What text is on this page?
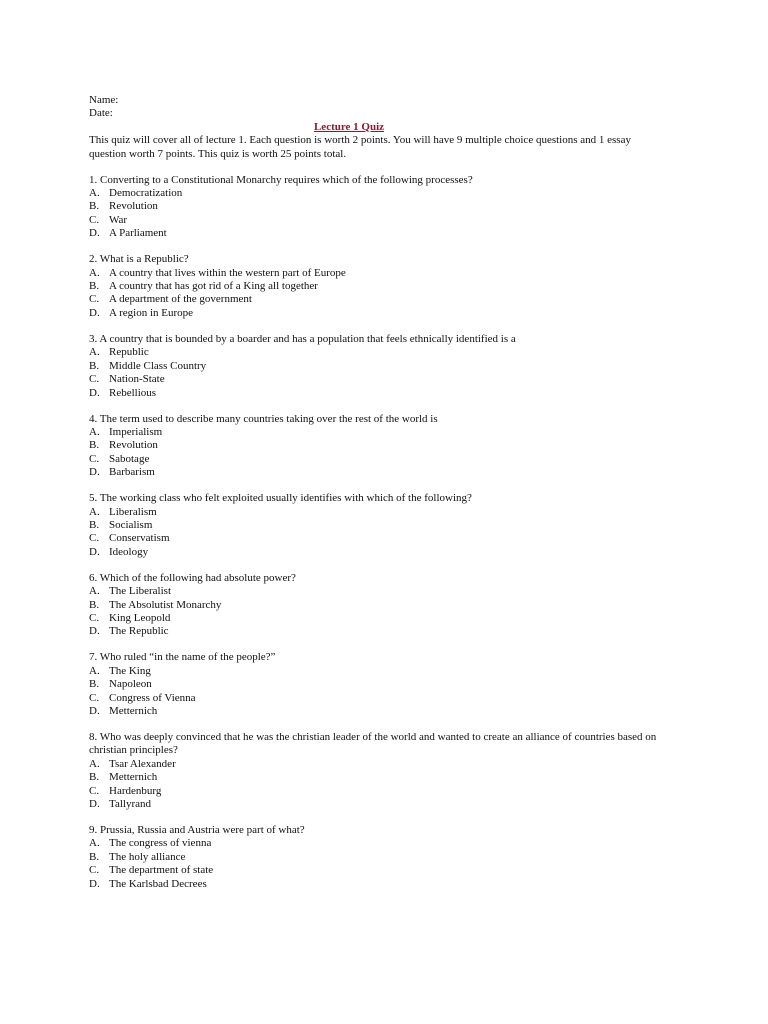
Name:
Date:
Lecture 1 Quiz
This quiz will cover all of lecture 1. Each question is worth 2 points. You will have 9 multiple choice questions and 1 essay question worth 7 points. This quiz is worth 25 points total.
1. Converting to a Constitutional Monarchy requires which of the following processes?
A. Democratization
B. Revolution
C. War
D. A Parliament
2. What is a Republic?
A. A country that lives within the western part of Europe
B. A country that has got rid of a King all together
C. A department of the government
D. A region in Europe
3. A country that is bounded by a boarder and has a population that feels ethnically identified is a
A. Republic
B. Middle Class Country
C. Nation-State
D. Rebellious
4. The term used to describe many countries taking over the rest of the world is
A. Imperialism
B. Revolution
C. Sabotage
D. Barbarism
5. The working class who felt exploited usually identifies with which of the following?
A. Liberalism
B. Socialism
C. Conservatism
D. Ideology
6. Which of the following had absolute power?
A. The Liberalist
B. The Absolutist Monarchy
C. King Leopold
D. The Republic
7. Who ruled “in the name of the people?”
A. The King
B. Napoleon
C. Congress of Vienna
D. Metternich
8. Who was deeply convinced that he was the christian leader of the world and wanted to create an alliance of countries based on christian principles?
A. Tsar Alexander
B. Metternich
C. Hardenburg
D. Tallyrand
9. Prussia, Russia and Austria were part of what?
A. The congress of vienna
B. The holy alliance
C. The department of state
D. The Karlsbad Decrees
